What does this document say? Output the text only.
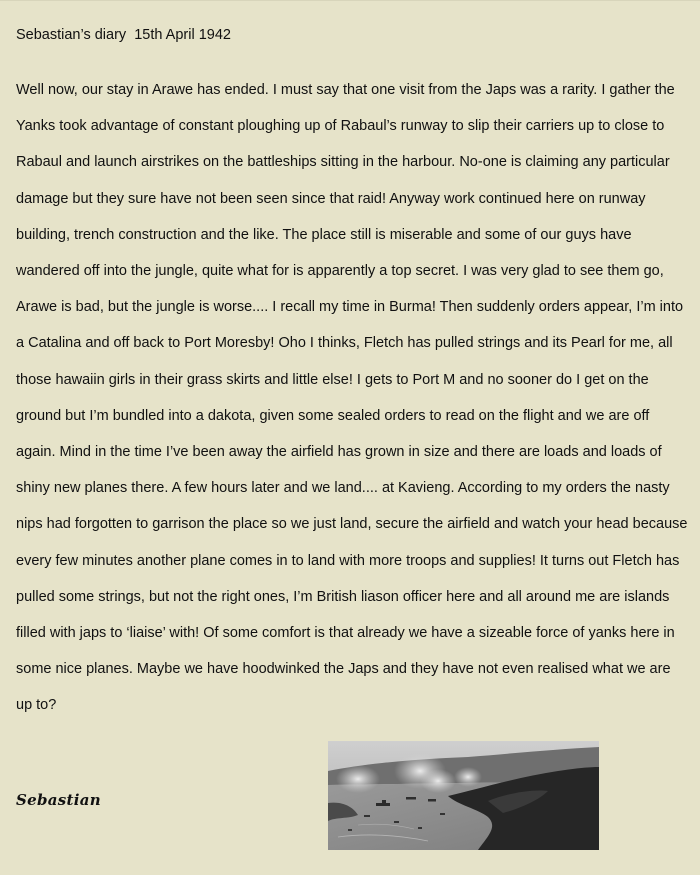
Sebastian’s diary  15th April 1942
Well now, our stay in Arawe has ended. I must say that one visit from the Japs was a rarity. I gather the Yanks took advantage of constant ploughing up of Rabaul’s runway to slip their carriers up to close to Rabaul and launch airstrikes on the battleships sitting in the harbour. No-one is claiming any particular damage but they sure have not been seen since that raid! Anyway work continued here on runway building, trench construction and the like. The place still is miserable and some of our guys have wandered off into the jungle, quite what for is apparently a top secret. I was very glad to see them go, Arawe is bad, but the jungle is worse.... I recall my time in Burma! Then suddenly orders appear, I’m into a Catalina and off back to Port Moresby! Oho I thinks, Fletch has pulled strings and its Pearl for me, all those hawaiin girls in their grass skirts and little else! I gets to Port M and no sooner do I get on the ground but I’m bundled into a dakota, given some sealed orders to read on the flight and we are off again. Mind in the time I’ve been away the airfield has grown in size and there are loads and loads of shiny new planes there. A few hours later and we land.... at Kavieng. According to my orders the nasty nips had forgotten to garrison the place so we just land, secure the airfield and watch your head because every few minutes another plane comes in to land with more troops and supplies! It turns out Fletch has pulled some strings, but not the right ones, I’m British liason officer here and all around me are islands filled with japs to ‘liaise’ with! Of some comfort is that already we have a sizeable force of yanks here in some nice planes. Maybe we have hoodwinked the Japs and they have not even realised what we are up to?
Sebastian
